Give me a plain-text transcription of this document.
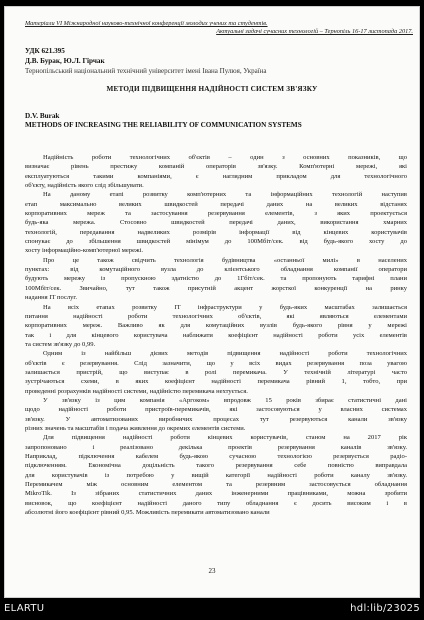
Матеріали VI Міжнародної науково-технічної конференції молодих учених та студентів.
Актуальні задачі сучасних технологій – Тернопіль 16-17 листопада 2017.
УДК 621.395
Д.В. Бурак, Ю.Л. Гірчак
Тернопільський національний технічний університет імені Івана Пулюя, Україна
МЕТОДИ ПІДВИЩЕННЯ НАДІЙНОСТІ СИСТЕМ ЗВ'ЯЗКУ
D.V. Burak
METHODS OF INCREASING THE RELIABILITY OF COMMUNICATION SYSTEMS
Надійність роботи технологічних об'єктів – один з основних показників, що
визначає рівень престижу компаній операторів зв'язку. Комп'ютерні мережі, які
експлуатуються такими компаніями, є наглядним прикладом для технологічного
об'єкту, надійність якого слід збільшувати.
На даному етапі розвитку комп'ютерних та інформаційних технологій наступив
етап максимально великих швидкостей передачі даних на великих відстанях
корпоративних мереж та застосування резервування елементів, з яких проектується
будь-яка мережа. Стосовно швидкостей передачі даних, використання хмарних
технологій, передавання надвеликих розмірів інформації від кінцевих користувачів
спонукає до збільшення швидкостей мінімум до 100Мбіт/сек. від будь-якого хосту до
хосту інформаційно-комп'ютерної мережі.
Про це також свідчить технологія будівництва «останньої милі» в населених
пунктах: від комутаційного вузла до клієнтського обладнання компанії оператори
будують мережу із пропускною здатністю до 1Гбіт/сек. та пропонують тарифні плани
100Мбіт/сек. Звичайно, тут також присутній акцент жорсткої конкуренції на ринку
надання IT послуг.
На всіх етапах розвитку IT інфраструктури у будь-яких масштабах залишається
питання надійності роботи технологічних об'єктів, які являються елементами
корпоративних мереж. Важливо як для комутаційних вузлів будь-якого рівня у мережі
так і для кінцевого користувача наближати коефіцієнт надійності роботи усіх елементів
та систем зв'язку до 0,99.
Одним із найбільш дієвих методів підвищення надійності роботи технологічних
об'єктів є резервування. Слід зазначити, що у всіх видах резервування поза увагою
залишається пристрій, що виступає в ролі перемикача. У технічній літературі часто
зустрічаються схеми, в яких коефіцієнт надійності перемикача рівний 1, тобто, при
проведенні розрахунків надійності системи, надійністю перемикача нехтується.
У зв'язку із цим компанія «Аргоком» впродовж 15 років збирає статистичні дані
щодо надійності роботи пристроїв-перемикачів, які застосовуються у власних системах
зв'язку. У автоматизованих виробничих процесах тут резервуються канали зв'язку
різних значень та масштабів і подача живлення до окремих елементів системи.
Для підвищення надійності роботи кінцевих користувачів, станом на 2017 рік
запропоновано і реалізовано декілька проектів резервування каналів зв'язку.
Наприклад, підключення кабелем будь-якою сучасною технологією резервується радіо-
підключенням. Економічна доцільність такого резервування себе повністю виправдала
для користувачів із потребою у вищій категорії надійності роботи каналу зв'язку.
Перемикачем між основним елементом та резервним застосовується обладнання
MikroTik. Із зібраних статистичних даних інженерними працівниками, можна зробити
висновок, що коефіцієнт надійності даного типу обладнання є досить високим і в
абсолютні його коефіцієнт рівний 0,95. Можливість перемикати автоматизовано канали
23
ELARTU	hdl:lib/23025
